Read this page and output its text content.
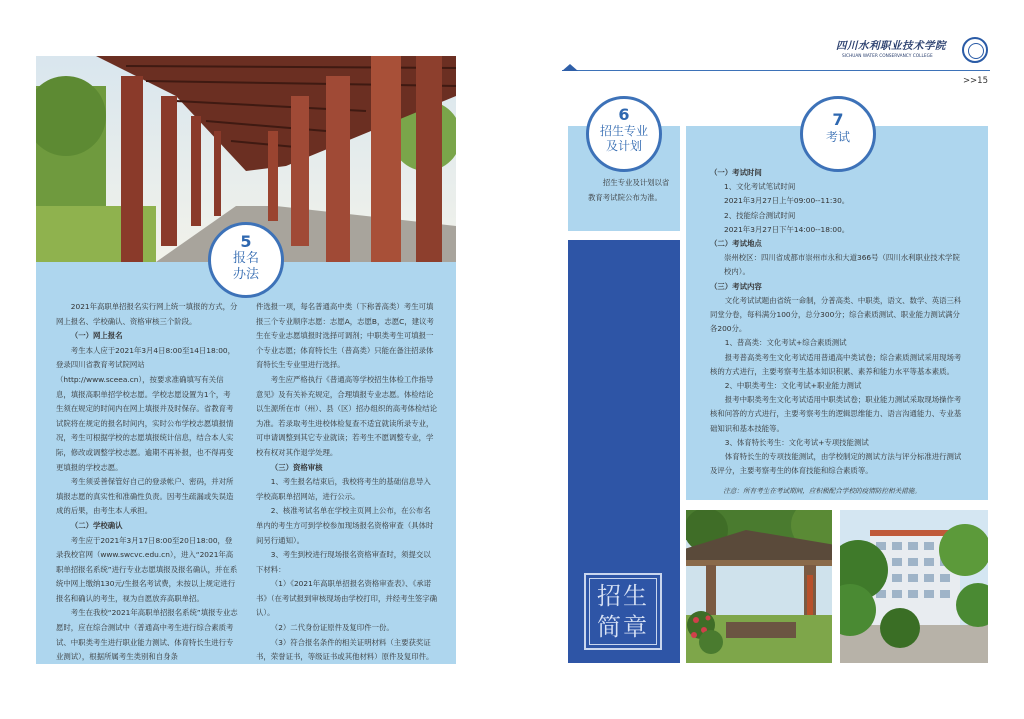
5
报名
办法

2021年高职单招报名实行网上统一填报的方式，分网上报名、学校确认、资格审核三个阶段。

（一）网上报名

考生本人应于2021年3月4日8:00至14日18:00，登录四川省教育考试院网站（http://www.sceea.cn），按要求准确填写有关信息，填报高职单招学校志愿。学校志愿设置为1个，考生须在规定的时间内在网上填报并及时保存。省教育考试院将在规定的报名时间内，实时公布学校志愿填报情况，考生可根据学校的志愿填报统计信息，结合本人实际，修改或调整学校志愿。逾期不再补报，也不得再变更填报的学校志愿。

考生须妥善保管好自己的登录帐户、密码，并对所填报志愿的真实性和准确性负责。因考生疏漏或失误造成的后果，由考生本人承担。

（二）学校确认

考生应于2021年3月17日8:00至20日18:00，登录我校官网（www.swcvc.edu.cn），进入“2021年高职单招报名系统”进行专业志愿填报及报名确认，并在系统中网上缴纳130元/生报名考试费，未按以上规定进行报名和确认的考生，视为自愿放弃高职单招。

考生在我校“2021年高职单招报名系统”填报专业志愿时，应在综合测试中（普通高中考生进行综合素质考试、中职类考生进行职业能力测试、体育特长生进行专业测试），根据所属考生类别和自身条

件选报一项，每名普通高中类（下称普高类）考生可填报三个专业顺序志愿：志愿A，志愿B，志愿C，建议考生在专业志愿填报时选择可调剂；中职类考生可填报一个专业志愿；体育特长生（普高类）只能在备注招录体育特长生专业里进行选择。

考生应严格执行《普通高等学校招生体检工作指导意见》及有关补充规定，合理填报专业志愿。体检结论以生源所在市（州）、县（区）招办组织的高考体检结论为准。若录取考生进校体检复查不适宜就读所录专业，可申请调整到其它专业就读；若考生不愿调整专业，学校有权对其作退学处理。

（三）资格审核

1、考生报名结束后，我校将考生的基础信息导入学校高职单招网站，进行公示。

2、核准考试名单在学校主页网上公布，在公布名单内的考生方可到学校参加现场报名资格审查（具体时间另行通知）。

3、考生到校进行现场报名资格审查时，须提交以下材料：

（1）《2021年高职单招报名资格审查表》、《承诺书》（在考试报到审核现场由学校打印，并经考生签字确认）。

（2）二代身份证原件及复印件一份。

（3）符合报名条件的相关证明材料（主要获奖证书，荣誉证书，等级证书或其他材料）原件及复印件。

四川水利职业技术学院
SICHUAN WATER CONSERVANCY COLLEGE
>>15
6
招生专业
及计划

招生专业及计划以省教育考试院公布为准。

招生
简章
7
考试

（一）考试时间

1、文化考试笔试时间

2021年3月27日上午09:00--11:30。

2、技能综合测试时间

2021年3月27日下午14:00--18:00。

（二）考试地点

崇州校区：四川省成都市崇州市永和大道366号（四川水利职业技术学院校内）。

（三）考试内容

文化考试试题由省统一命制，分普高类、中职类，语文、数学、英语三科同堂分卷，每科满分100分，总分300分；综合素质测试、职业能力测试满分各200分。

1、普高类：文化考试+综合素质测试

报考普高类考生文化考试适用普通高中类试卷；综合素质测试采用现场考核的方式进行，主要考察考生基本知识积累、素养和能力水平等基本素质。

2、中职类考生：文化考试+职业能力测试

报考中职类考生文化考试适用中职类试卷；职业能力测试采取现场操作考核和问答的方式进行，主要考察考生的逻辑思维能力、语言沟通能力、专业基础知识和基本技能等。

3、体育特长考生：文化考试+专项技能测试

体育特长生的专项技能测试，由学校制定的测试方法与评分标准进行测试及评分，主要考察考生的体育技能和综合素质等。

注意：所有考生在考试期间，应积极配合学校的疫情防控相关措施。
